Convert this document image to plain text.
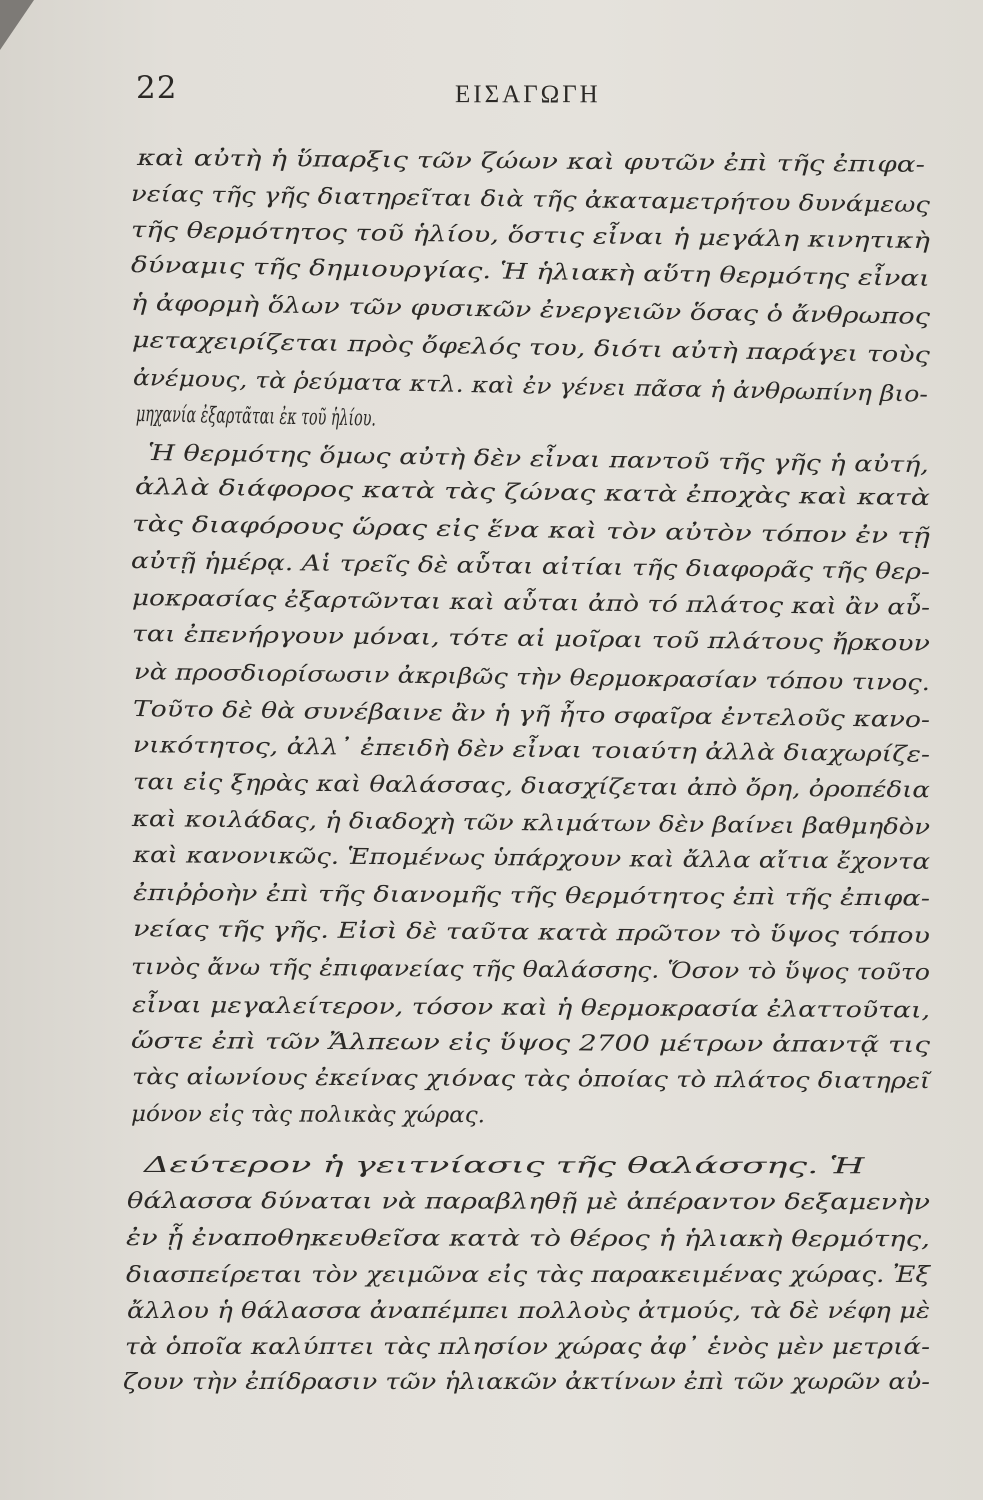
22	ΕΙΣΑΓΩΓΗ
καὶ αὐτὴ ἡ ὕπαρξις τῶν ζώων καὶ φυτῶν ἐπὶ τῆς ἐπιφα-
νείας τῆς γῆς διατηρεῖται διὰ τῆς ἀκαταμετρήτου δυνάμεως
τῆς θερμότητος τοῦ ἡλίου, ὅστις εἶναι ἡ μεγάλη κινητικὴ
δύναμις τῆς δημιουργίας. Ἡ ἡλιακὴ αὕτη θερμότης εἶναι
ἡ ἀφορμὴ ὅλων τῶν φυσικῶν ἐνεργειῶν ὅσας ὁ ἄνθρωπος
μεταχειρίζεται πρὸς ὄφελός του, διότι αὐτὴ παράγει τοὺς
ἀνέμους, τὰ ῥεύματα κτλ. καὶ ἐν γένει πᾶσα ἡ ἀνθρωπίνη βιο-
μηχανία ἐξαρτᾶται ἐκ τοῦ ἡλίου.
Ἡ θερμότης ὅμως αὐτὴ δὲν εἶναι παντοῦ τῆς γῆς ἡ αὐτή,
ἀλλὰ διάφορος κατὰ τὰς ζώνας κατὰ ἐποχὰς καὶ κατὰ
τὰς διαφόρους ὥρας εἰς ἕνα καὶ τὸν αὐτὸν τόπον ἐν τῇ
αὐτῇ ἡμέρᾳ. Αἱ τρεῖς δὲ αὗται αἰτίαι τῆς διαφορᾶς τῆς θερ-
μοκρασίας ἐξαρτῶνται καὶ αὗται ἀπὸ τό πλάτος καὶ ἂν αὗ-
ται ἐπενήργουν μόναι, τότε αἱ μοῖραι τοῦ πλάτους ἤρκουν
νὰ προσδιορίσωσιν ἀκριβῶς τὴν θερμοκρασίαν τόπου τινος.
Τοῦτο δὲ θὰ συνέβαινε ἂν ἡ γῆ ἦτο σφαῖρα ἐντελοῦς κανο-
νικότητος, ἀλλ᾽ ἐπειδὴ δὲν εἶναι τοιαύτη ἀλλὰ διαχωρίζε-
ται εἰς ξηρὰς καὶ θαλάσσας, διασχίζεται ἀπὸ ὄρη, ὀροπέδια
καὶ κοιλάδας, ἡ διαδοχὴ τῶν κλιμάτων δὲν βαίνει βαθμηδὸν
καὶ κανονικῶς. Ἑπομένως ὑπάρχουν καὶ ἄλλα αἴτια ἔχοντα
ἐπιῤῥοὴν ἐπὶ τῆς διανομῆς τῆς θερμότητος ἐπὶ τῆς ἐπιφα-
νείας τῆς γῆς. Εἰσὶ δὲ ταῦτα κατὰ πρῶτον τὸ ὕψος τόπου
τινὸς ἄνω τῆς ἐπιφανείας τῆς θαλάσσης. Ὅσον τὸ ὕψος τοῦτο
εἶναι μεγαλείτερον, τόσον καὶ ἡ θερμοκρασία ἐλαττοῦται,
ὥστε ἐπὶ τῶν Ἄλπεων εἰς ὕψος 2700 μέτρων ἀπαντᾷ τις
τὰς αἰωνίους ἐκείνας χιόνας τὰς ὁποίας τὸ πλάτος διατηρεῖ
μόνον εἰς τὰς πολικὰς χώρας.
Δεύτερον ἡ γειτνίασις τῆς θαλάσσης. Ἡ
θάλασσα δύναται νὰ παραβληθῇ μὲ ἀπέραντον δεξαμενὴν
ἐν ᾗ ἐναποθηκευθεῖσα κατὰ τὸ θέρος ἡ ἡλιακὴ θερμότης,
διασπείρεται τὸν χειμῶνα εἰς τὰς παρακειμένας χώρας. Ἐξ
ἄλλου ἡ θάλασσα ἀναπέμπει πολλοὺς ἀτμούς, τὰ δὲ νέφη μὲ
τὰ ὁποῖα καλύπτει τὰς πλησίον χώρας ἀφ᾽ ἑνὸς μὲν μετριά-
ζουν τὴν ἐπίδρασιν τῶν ἡλιακῶν ἀκτίνων ἐπὶ τῶν χωρῶν αὐ-
